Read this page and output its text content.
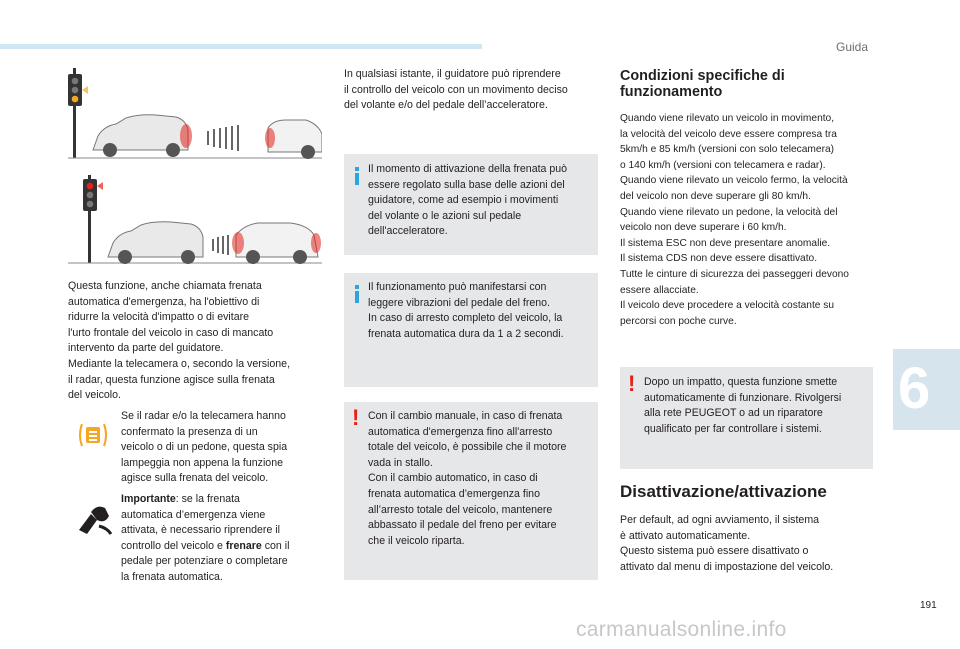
Guida
Questa funzione, anche chiamata frenata
automatica d'emergenza, ha l'obiettivo di
ridurre la velocità d'impatto o di evitare
l'urto frontale del veicolo in caso di mancato
intervento da parte del guidatore.
Mediante la telecamera o, secondo la versione,
il radar, questa funzione agisce sulla frenata
del veicolo.
Se il radar e/o la telecamera hanno
confermato la presenza di un
veicolo o di un pedone, questa spia
lampeggia non appena la funzione
agisce sulla frenata del veicolo.
Importante: se la frenata
automatica d’emergenza viene
attivata, è necessario riprendere il
controllo del veicolo e frenare con il
pedale per potenziare o completare
la frenata automatica.
In qualsiasi istante, il guidatore può riprendere
il controllo del veicolo con un movimento deciso
del volante e/o del pedale dell’acceleratore.
Il momento di attivazione della frenata può
essere regolato sulla base delle azioni del
guidatore, come ad esempio i movimenti
del volante o le azioni sul pedale
dell'acceleratore.
Il funzionamento può manifestarsi con
leggere vibrazioni del pedale del freno.
In caso di arresto completo del veicolo, la
frenata automatica dura da 1 a 2 secondi.
! Con il cambio manuale, in caso di frenata
automatica d'emergenza fino all'arresto
totale del veicolo, è possibile che il motore
vada in stallo.
Con il cambio automatico, in caso di
frenata automatica d’emergenza fino
all’arresto totale del veicolo, mantenere
abbassato il pedale del freno per evitare
che il veicolo riparta.
Condizioni specifiche di
funzionamento
Quando viene rilevato un veicolo in movimento,
la velocità del veicolo deve essere compresa tra
5km/h e 85 km/h (versioni con solo telecamera)
o 140 km/h (versioni con telecamera e radar).
Quando viene rilevato un veicolo fermo, la velocità
del veicolo non deve superare gli 80 km/h.
Quando viene rilevato un pedone, la velocità del
veicolo non deve superare i 60 km/h.
Il sistema ESC non deve presentare anomalie.
Il sistema CDS non deve essere disattivato.
Tutte le cinture di sicurezza dei passeggeri devono
essere allacciate.
Il veicolo deve procedere a velocità costante su
percorsi con poche curve.
! Dopo un impatto, questa funzione smette
automaticamente di funzionare. Rivolgersi
alla rete PEUGEOT o ad un riparatore
qualificato per far controllare i sistemi.
Disattivazione/attivazione
Per default, ad ogni avviamento, il sistema
è attivato automaticamente.
Questo sistema può essere disattivato o
attivato dal menu di impostazione del veicolo.
6
191
carmanualsonline.info
